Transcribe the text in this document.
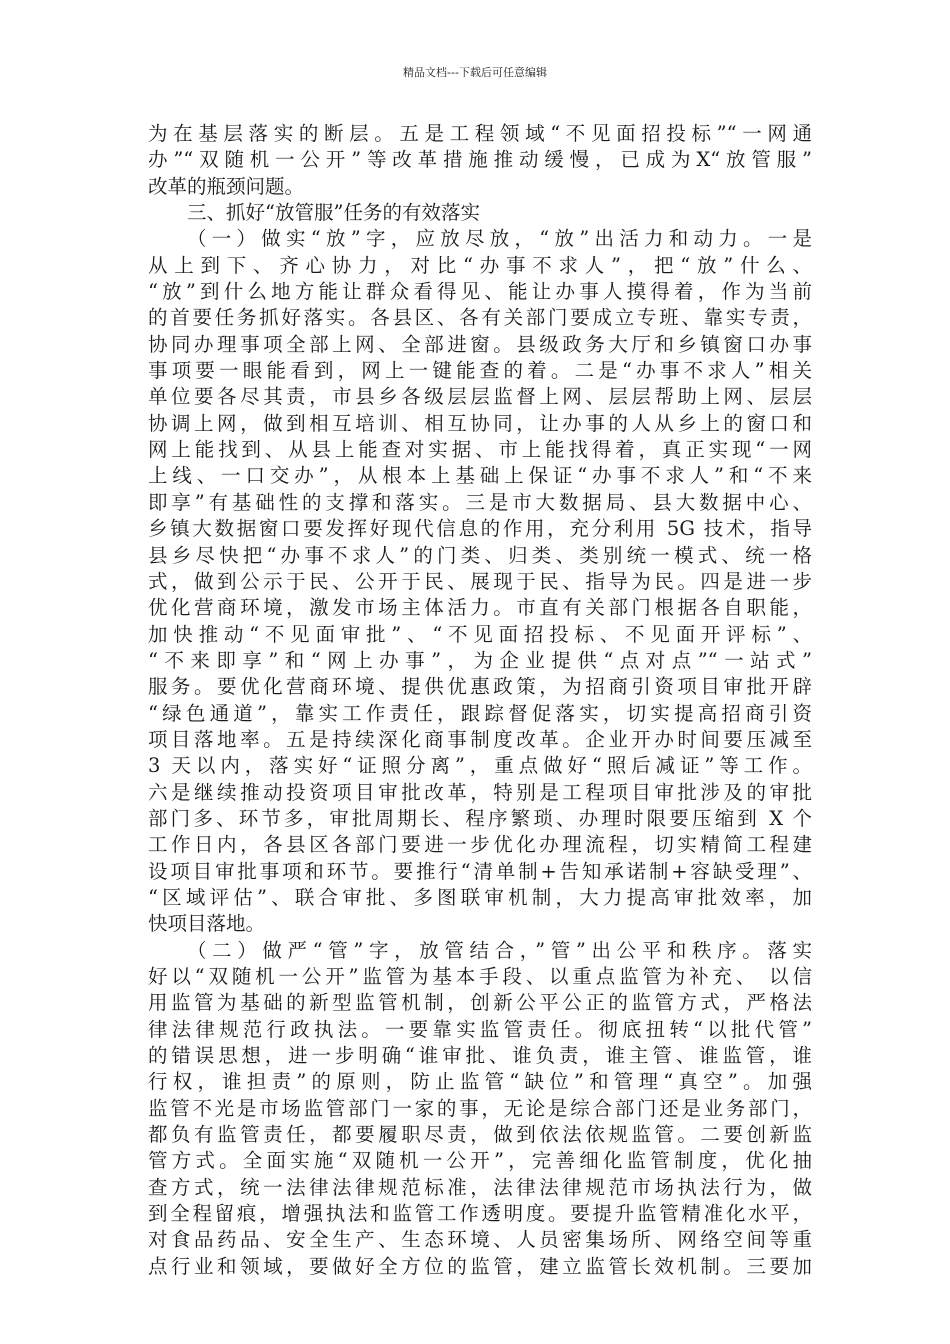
精品文档---下载后可任意编辑
为在基层落实的断层。五是工程领域“不见面招投标”“一网通
办”“双随机一公开”等改革措施推动缓慢，已成为X“放管服”
改革的瓶颈问题。
三、抓好“放管服”任务的有效落实
（一）做实“放”字，应放尽放，“放”出活力和动力。一是
从上到下、齐心协力，对比“办事不求人”，把“放”什么、
“放”到什么地方能让群众看得见、能让办事人摸得着，作为当前
的首要任务抓好落实。各县区、各有关部门要成立专班、靠实专责，
协同办理事项全部上网、全部进窗。县级政务大厅和乡镇窗口办事
事项要一眼能看到，网上一键能查的着。二是“办事不求人”相关
单位要各尽其责，市县乡各级层层监督上网、层层帮助上网、层层
协调上网，做到相互培训、相互协同，让办事的人从乡上的窗口和
网上能找到、从县上能查对实据、市上能找得着，真正实现“一网
上线、一口交办”，从根本上基础上保证“办事不求人”和“不来
即享”有基础性的支撑和落实。三是市大数据局、县大数据中心、
乡镇大数据窗口要发挥好现代信息的作用，充分利用 5G 技术，指导
县乡尽快把“办事不求人”的门类、归类、类别统一模式、统一格
式，做到公示于民、公开于民、展现于民、指导为民。四是进一步
优化营商环境，激发市场主体活力。市直有关部门根据各自职能，
加快推动“不见面审批”、“不见面招投标、不见面开评标”、
“不来即享”和“网上办事”，为企业提供“点对点”“一站式”
服务。要优化营商环境、提供优惠政策，为招商引资项目审批开辟
“绿色通道”，靠实工作责任，跟踪督促落实，切实提高招商引资
项目落地率。五是持续深化商事制度改革。企业开办时间要压减至
3 天以内，落实好“证照分离”，重点做好“照后减证”等工作。
六是继续推动投资项目审批改革，特别是工程项目审批涉及的审批
部门多、环节多，审批周期长、程序繁琐、办理时限要压缩到 X 个
工作日内，各县区各部门要进一步优化办理流程，切实精简工程建
设项目审批事项和环节。要推行“清单制+告知承诺制+容缺受理”、
“区域评估”、联合审批、多图联审机制，大力提高审批效率，加
快项目落地。
（二）做严“管”字，放管结合，”管”出公平和秩序。落实
好以“双随机一公开”监管为基本手段、以重点监管为补充、 以信
用监管为基础的新型监管机制，创新公平公正的监管方式，严格法
律法律规范行政执法。一要靠实监管责任。彻底扭转“以批代管”
的错误思想，进一步明确“谁审批、谁负责，谁主管、谁监管，谁
行权，谁担责”的原则，防止监管“缺位”和管理“真空”。加强
监管不光是市场监管部门一家的事，无论是综合部门还是业务部门，
都负有监管责任，都要履职尽责，做到依法依规监管。二要创新监
管方式。全面实施“双随机一公开”，完善细化监管制度，优化抽
查方式，统一法律法律规范标准，法律法律规范市场执法行为，做
到全程留痕，增强执法和监管工作透明度。要提升监管精准化水平，
对食品药品、安全生产、生态环境、人员密集场所、网络空间等重
点行业和领域，要做好全方位的监管，建立监管长效机制。三要加
